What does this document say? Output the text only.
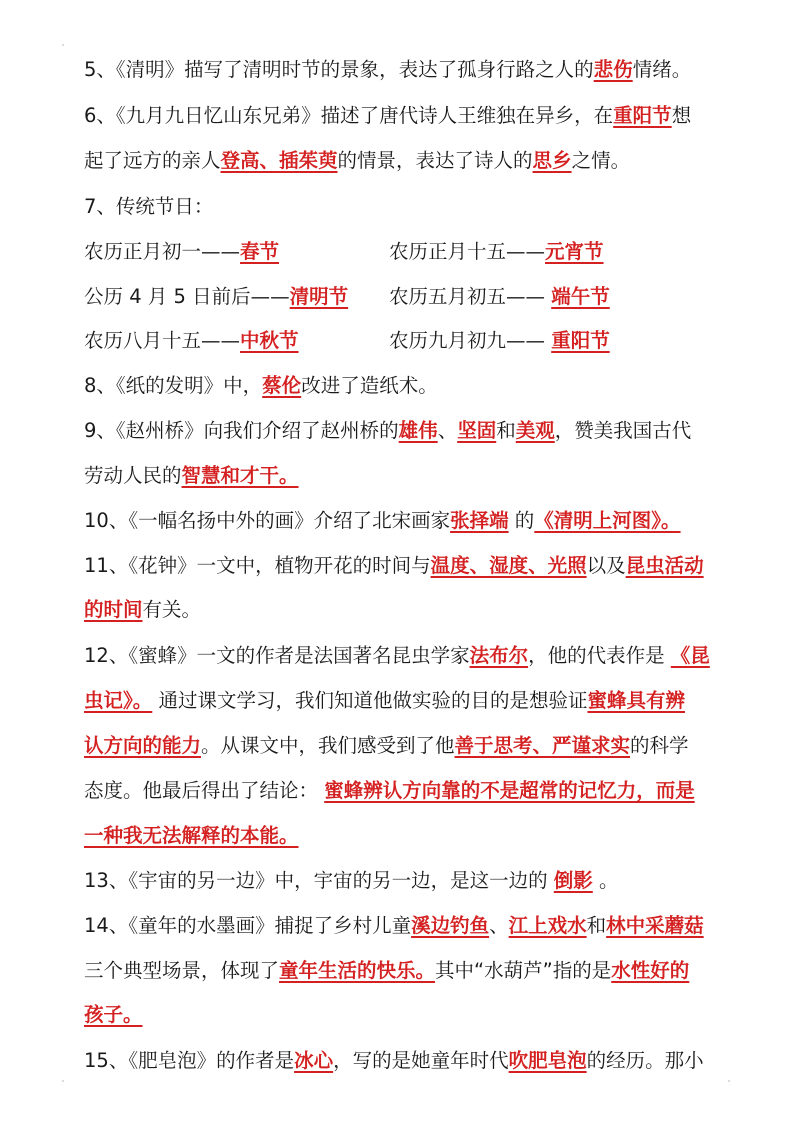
5、《清明》描写了清明时节的景象，表达了孤身行路之人的悲伤情绪。
6、《九月九日忆山东兄弟》描述了唐代诗人王维独在异乡，在重阳节想
起了远方的亲人登高、插茱萸的情景，表达了诗人的思乡之情。
7、传统节日：
农历正月初一——春节	农历正月十五——元宵节
公历 4 月 5 日前后——清明节 农历五月初五—— 端午节
农历八月十五——中秋节	农历九月初九—— 重阳节
8、《纸的发明》中，蔡伦改进了造纸术。
9、《赵州桥》向我们介绍了赵州桥的雄伟、坚固和美观，赞美我国古代
劳动人民的智慧和才干。
10、《一幅名扬中外的画》介绍了北宋画家张择端 的《清明上河图》。
11、《花钟》一文中，植物开花的时间与温度、湿度、光照以及昆虫活动
的时间有关。
12、《蜜蜂》一文的作者是法国著名昆虫学家法布尔，他的代表作是 《昆
虫记》。 通过课文学习，我们知道他做实验的目的是想验证蜜蜂具有辨
认方向的能力。从课文中，我们感受到了他善于思考、严谨求实的科学
态度。他最后得出了结论： 蜜蜂辨认方向靠的不是超常的记忆力，而是
一种我无法解释的本能。
13、《宇宙的另一边》中，宇宙的另一边，是这一边的 倒影 。
14、《童年的水墨画》捕捉了乡村儿童溪边钓鱼、江上戏水和林中采蘑菇
三个典型场景，体现了童年生活的快乐。其中“水葫芦”指的是水性好的
孩子。
15、《肥皂泡》的作者是冰心，写的是她童年时代吹肥皂泡的经历。那小
